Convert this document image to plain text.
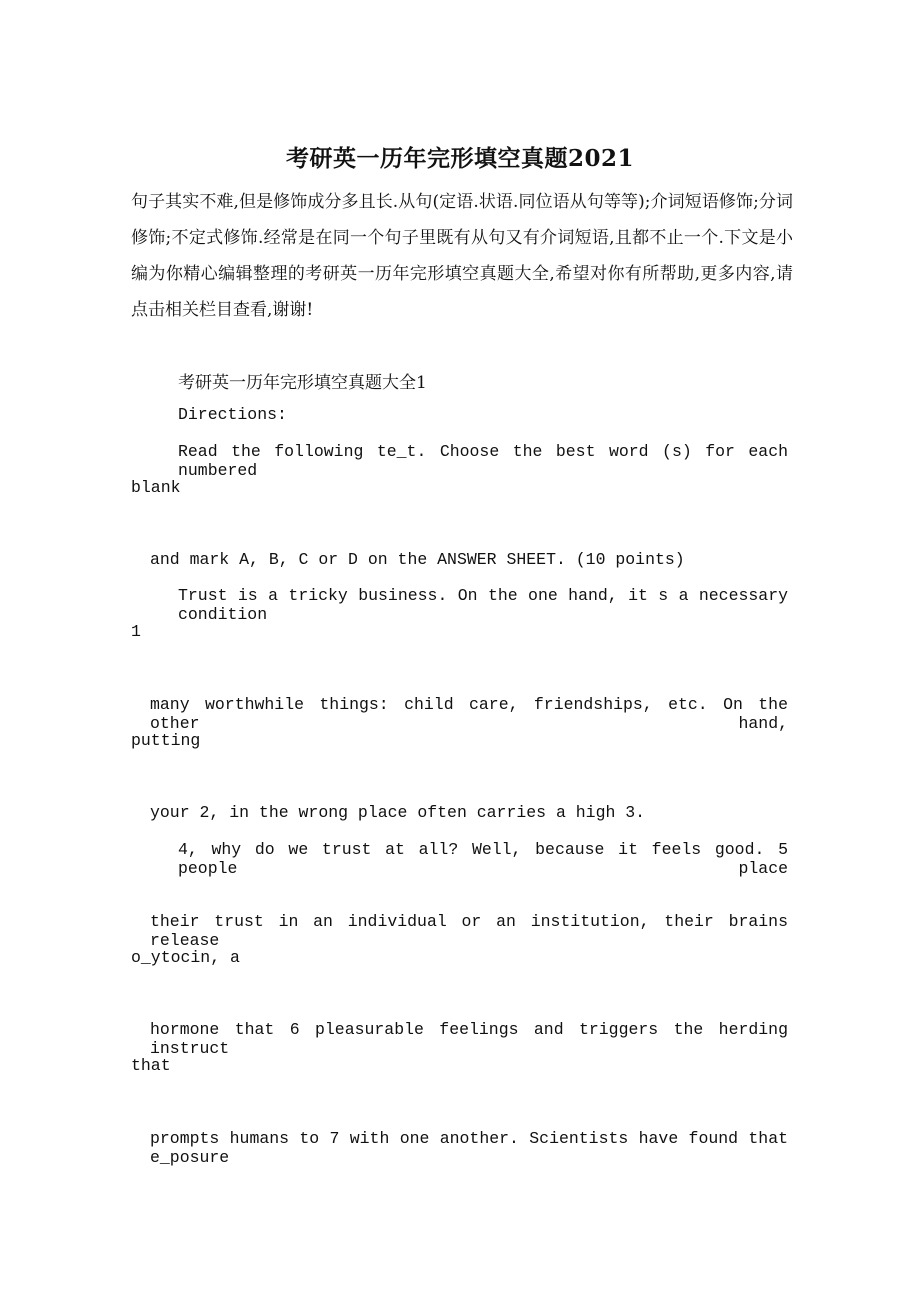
考研英一历年完形填空真题2021
句子其实不难,但是修饰成分多且长.从句(定语.状语.同位语从句等等);介词短语修饰;分词修饰;不定式修饰.经常是在同一个句子里既有从句又有介词短语,且都不止一个.下文是小编为你精心编辑整理的考研英一历年完形填空真题大全,希望对你有所帮助,更多内容,请点击相关栏目查看,谢谢!
考研英一历年完形填空真题大全1
Directions:
Read the following te_t. Choose the best word (s) for each numbered
blank
and mark A, B, C or D on the ANSWER SHEET. (10 points)
Trust is a tricky business. On the one hand, it s a necessary condition
1
many worthwhile things: child care, friendships, etc. On the other hand,
putting
your 2, in the wrong place often carries a high 3.
4, why do we trust at all? Well, because it feels good. 5 people place
their trust in an individual or an institution, their brains release
o_ytocin, a
hormone that 6 pleasurable feelings and triggers the herding instruct
that
prompts humans to 7 with one another. Scientists have found that e_posure
